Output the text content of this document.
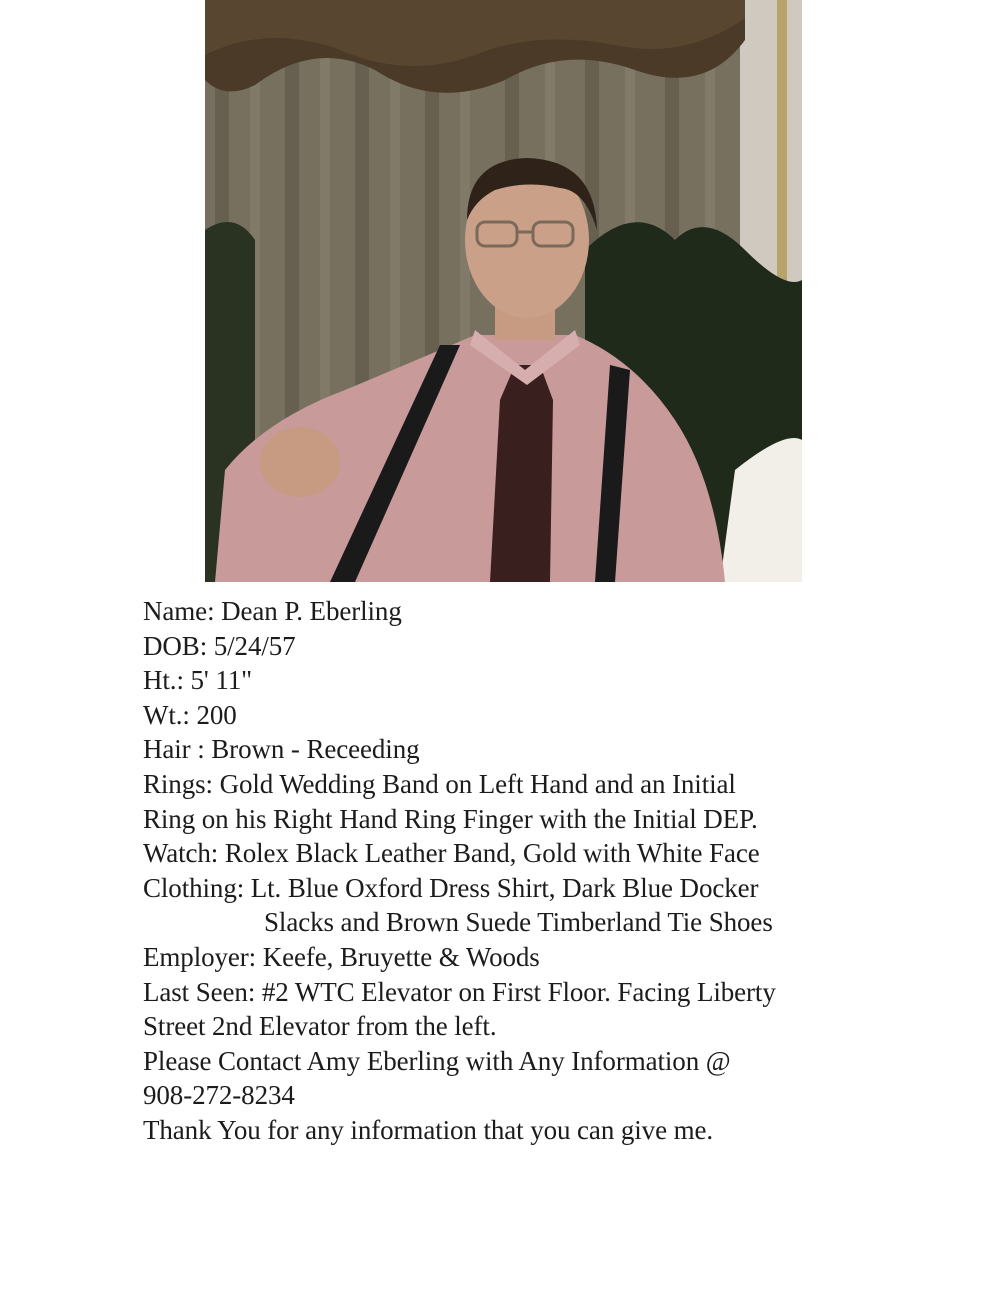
Name: Dean P. Eberling
DOB: 5/24/57
Ht.: 5' 11"
Wt.: 200
Hair : Brown - Receeding
Rings: Gold Wedding Band on Left Hand and an Initial
Ring on his Right Hand Ring Finger with the Initial DEP.
Watch: Rolex Black Leather Band, Gold with White Face
Clothing: Lt. Blue Oxford Dress Shirt, Dark Blue Docker
Slacks and Brown Suede Timberland Tie Shoes
Employer: Keefe, Bruyette & Woods
Last Seen: #2 WTC Elevator on First Floor. Facing Liberty
Street 2nd Elevator from the left.
Please Contact Amy Eberling with Any Information @
908-272-8234
Thank You for any information that you can give me.
